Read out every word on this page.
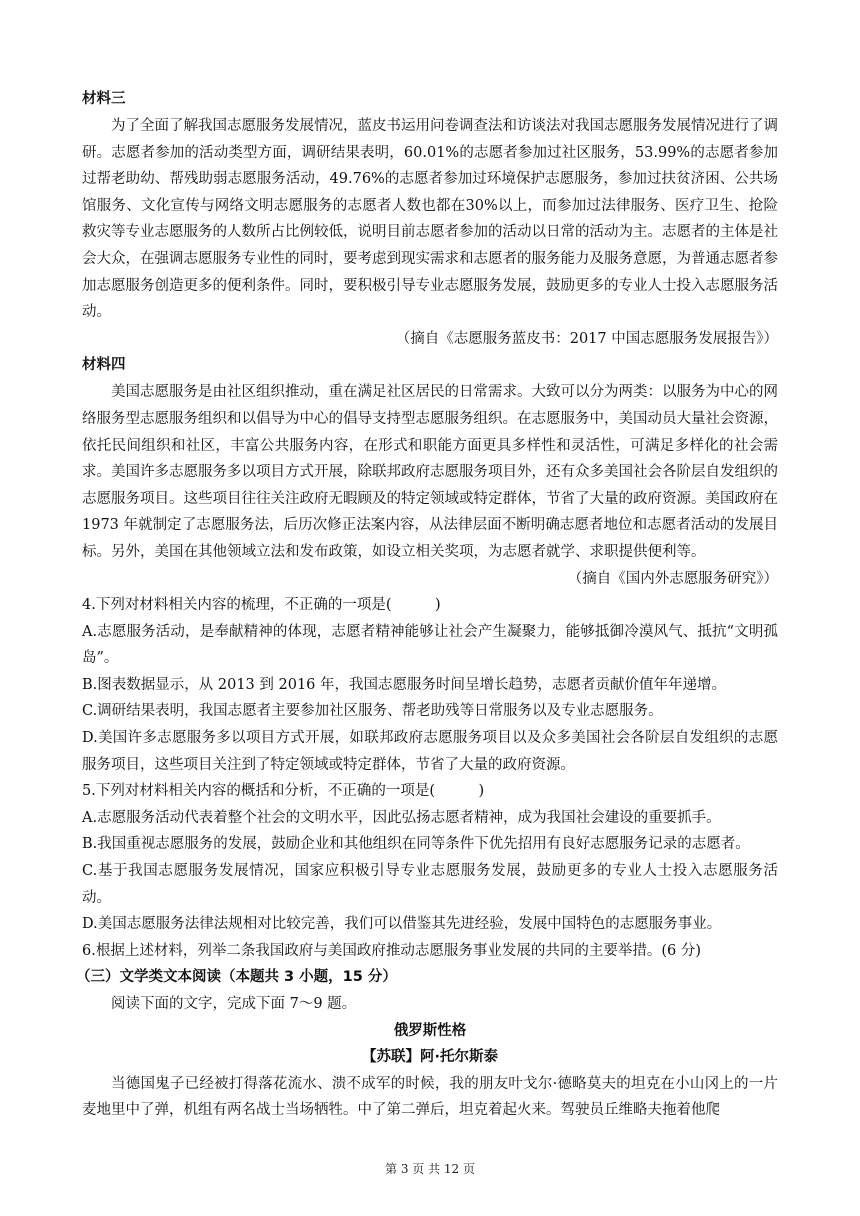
材料三

为了全面了解我国志愿服务发展情况，蓝皮书运用问卷调查法和访谈法对我国志愿服务发展情况进行了调研。志愿者参加的活动类型方面，调研结果表明，60.01%的志愿者参加过社区服务，53.99%的志愿者参加过帮老助幼、帮残助弱志愿服务活动，49.76%的志愿者参加过环境保护志愿服务，参加过扶贫济困、公共场馆服务、文化宣传与网络文明志愿服务的志愿者人数也都在30%以上，而参加过法律服务、医疗卫生、抢险救灾等专业志愿服务的人数所占比例较低，说明目前志愿者参加的活动以日常的活动为主。志愿者的主体是社会大众，在强调志愿服务专业性的同时，要考虑到现实需求和志愿者的服务能力及服务意愿，为普通志愿者参加志愿服务创造更多的便利条件。同时，要积极引导专业志愿服务发展，鼓励更多的专业人士投入志愿服务活动。

（摘自《志愿服务蓝皮书：2017 中国志愿服务发展报告》）

材料四

美国志愿服务是由社区组织推动，重在满足社区居民的日常需求。大致可以分为两类：以服务为中心的网络服务型志愿服务组织和以倡导为中心的倡导支持型志愿服务组织。在志愿服务中，美国动员大量社会资源，依托民间组织和社区，丰富公共服务内容，在形式和职能方面更具多样性和灵活性，可满足多样化的社会需求。美国许多志愿服务多以项目方式开展，除联邦政府志愿服务项目外，还有众多美国社会各阶层自发组织的志愿服务项目。这些项目往往关注政府无暇顾及的特定领域或特定群体，节省了大量的政府资源。美国政府在 1973 年就制定了志愿服务法，后历次修正法案内容，从法律层面不断明确志愿者地位和志愿者活动的发展目标。另外，美国在其他领域立法和发布政策，如设立相关奖项，为志愿者就学、求职提供便利等。

（摘自《国内外志愿服务研究》）

4.下列对材料相关内容的梳理，不正确的一项是(　　　)

A.志愿服务活动，是奉献精神的体现，志愿者精神能够让社会产生凝聚力，能够抵御冷漠风气、抵抗“文明孤岛”。

B.图表数据显示，从 2013 到 2016 年，我国志愿服务时间呈增长趋势，志愿者贡献价值年年递增。

C.调研结果表明，我国志愿者主要参加社区服务、帮老助残等日常服务以及专业志愿服务。

D.美国许多志愿服务多以项目方式开展，如联邦政府志愿服务项目以及众多美国社会各阶层自发组织的志愿服务项目，这些项目关注到了特定领域或特定群体，节省了大量的政府资源。

5.下列对材料相关内容的概括和分析，不正确的一项是(　　　)

A.志愿服务活动代表着整个社会的文明水平，因此弘扬志愿者精神，成为我国社会建设的重要抓手。

B.我国重视志愿服务的发展，鼓励企业和其他组织在同等条件下优先招用有良好志愿服务记录的志愿者。

C.基于我国志愿服务发展情况，国家应积极引导专业志愿服务发展，鼓励更多的专业人士投入志愿服务活动。

D.美国志愿服务法律法规相对比较完善，我们可以借鉴其先进经验，发展中国特色的志愿服务事业。

6.根据上述材料，列举二条我国政府与美国政府推动志愿服务事业发展的共同的主要举措。(6 分)

（三）文学类文本阅读（本题共 3 小题，15 分）

阅读下面的文字，完成下面 7～9 题。

俄罗斯性格

【苏联】阿·托尔斯泰

当德国鬼子已经被打得落花流水、溃不成军的时候，我的朋友叶戈尔·德略莫夫的坦克在小山冈上的一片麦地里中了弹，机组有两名战士当场牺牲。中了第二弹后，坦克着起火来。驾驶员丘维略夫拖着他爬

第 3 页 共 12 页
